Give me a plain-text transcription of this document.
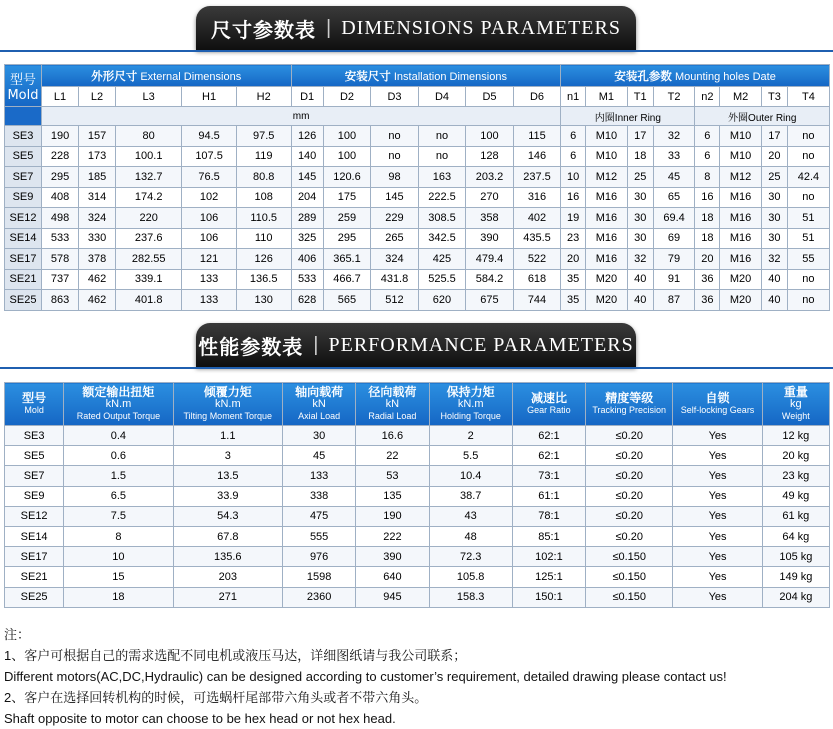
尺寸参数表 | DIMENSIONS PARAMETERS
型号
Mold	外形尺寸 External Dimensions					安装尺寸 Installation Dimensions						安装孔参数 Mounting holes Date							
	L1	L2	L3	H1	H2	D1	D2	D3	D4	D5	D6	n1	M1	T1	T2	n2	M2	T3	T4
	mm											内圈Inner Ring				外圈Outer Ring			
SE3	190	157	80	94.5	97.5	126	100	no	no	100	115	6	M10	17	32	6	M10	17	no
SE5	228	173	100.1	107.5	119	140	100	no	no	128	146	6	M10	18	33	6	M10	20	no
SE7	295	185	132.7	76.5	80.8	145	120.6	98	163	203.2	237.5	10	M12	25	45	8	M12	25	42.4
SE9	408	314	174.2	102	108	204	175	145	222.5	270	316	16	M16	30	65	16	M16	30	no
SE12	498	324	220	106	110.5	289	259	229	308.5	358	402	19	M16	30	69.4	18	M16	30	51
SE14	533	330	237.6	106	110	325	295	265	342.5	390	435.5	23	M16	30	69	18	M16	30	51
SE17	578	378	282.55	121	126	406	365.1	324	425	479.4	522	20	M16	32	79	20	M16	32	55
SE21	737	462	339.1	133	136.5	533	466.7	431.8	525.5	584.2	618	35	M20	40	91	36	M20	40	no
SE25	863	462	401.8	133	130	628	565	512	620	675	744	35	M20	40	87	36	M20	40	no
性能参数表 | PERFORMANCE PARAMETERS
型号
Mold	额定输出扭矩
kN.m
Rated Output Torque	倾覆力矩
kN.m
Tilting Moment Torque	轴向载荷
kN
Axial Load	径向载荷
kN
Radial Load	保持力矩
kN.m
Holding Torque	减速比
Gear Ratio	精度等级
Tracking Precision	自锁
Self-locking Gears	重量
kg
Weight

SE3	0.4	1.1	30	16.6	2	62:1	≤0.20	Yes	12 kg
SE5	0.6	3	45	22	5.5	62:1	≤0.20	Yes	20 kg
SE7	1.5	13.5	133	53	10.4	73:1	≤0.20	Yes	23 kg
SE9	6.5	33.9	338	135	38.7	61:1	≤0.20	Yes	49 kg
SE12	7.5	54.3	475	190	43	78:1	≤0.20	Yes	61 kg
SE14	8	67.8	555	222	48	85:1	≤0.20	Yes	64 kg
SE17	10	135.6	976	390	72.3	102:1	≤0.150	Yes	105 kg
SE21	15	203	1598	640	105.8	125:1	≤0.150	Yes	149 kg
SE25	18	271	2360	945	158.3	150:1	≤0.150	Yes	204 kg
注：
1、客户可根据自己的需求选配不同电机或液压马达，详细图纸请与我公司联系；
Different motors(AC,DC,Hydraulic) can be designed according to customer’s requirement, detailed drawing please contact us!
2、客户在选择回转机构的时候，可选蜗杆尾部带六角头或者不带六角头。
Shaft opposite to motor can choose to be hex head or not hex head.
